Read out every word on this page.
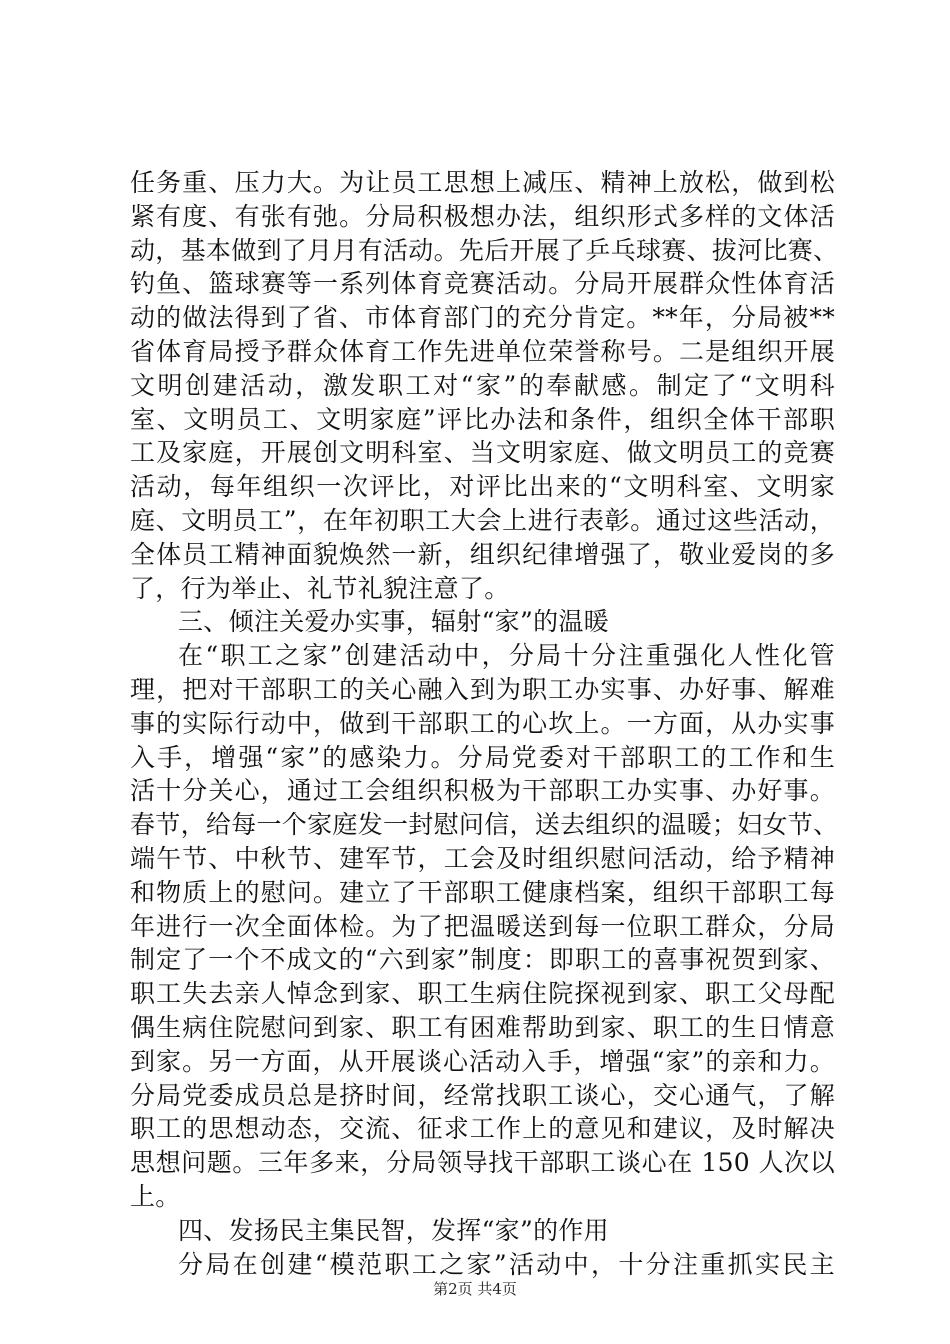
任务重、压力大。为让员工思想上减压、精神上放松，做到松
紧有度、有张有弛。分局积极想办法，组织形式多样的文体活
动，基本做到了月月有活动。先后开展了乒乓球赛、拔河比赛、
钓鱼、篮球赛等一系列体育竞赛活动。分局开展群众性体育活
动的做法得到了省、市体育部门的充分肯定。**年，分局被**
省体育局授予群众体育工作先进单位荣誉称号。二是组织开展
文明创建活动，激发职工对“家”的奉献感。制定了“文明科
室、文明员工、文明家庭”评比办法和条件，组织全体干部职
工及家庭，开展创文明科室、当文明家庭、做文明员工的竞赛
活动，每年组织一次评比，对评比出来的“文明科室、文明家
庭、文明员工”，在年初职工大会上进行表彰。通过这些活动，
全体员工精神面貌焕然一新，组织纪律增强了，敬业爱岗的多
了，行为举止、礼节礼貌注意了。
三、倾注关爱办实事，辐射“家”的温暖
在“职工之家”创建活动中，分局十分注重强化人性化管
理，把对干部职工的关心融入到为职工办实事、办好事、解难
事的实际行动中，做到干部职工的心坎上。一方面，从办实事
入手，增强“家”的感染力。分局党委对干部职工的工作和生
活十分关心，通过工会组织积极为干部职工办实事、办好事。
春节，给每一个家庭发一封慰问信，送去组织的温暖；妇女节、
端午节、中秋节、建军节，工会及时组织慰问活动，给予精神
和物质上的慰问。建立了干部职工健康档案，组织干部职工每
年进行一次全面体检。为了把温暖送到每一位职工群众，分局
制定了一个不成文的“六到家”制度：即职工的喜事祝贺到家、
职工失去亲人悼念到家、职工生病住院探视到家、职工父母配
偶生病住院慰问到家、职工有困难帮助到家、职工的生日情意
到家。另一方面，从开展谈心活动入手，增强“家”的亲和力。
分局党委成员总是挤时间，经常找职工谈心，交心通气，了解
职工的思想动态，交流、征求工作上的意见和建议，及时解决
思想问题。三年多来，分局领导找干部职工谈心在 150 人次以
上。
四、发扬民主集民智，发挥“家”的作用
分局在创建“模范职工之家”活动中，十分注重抓实民主
第2页 共4页
